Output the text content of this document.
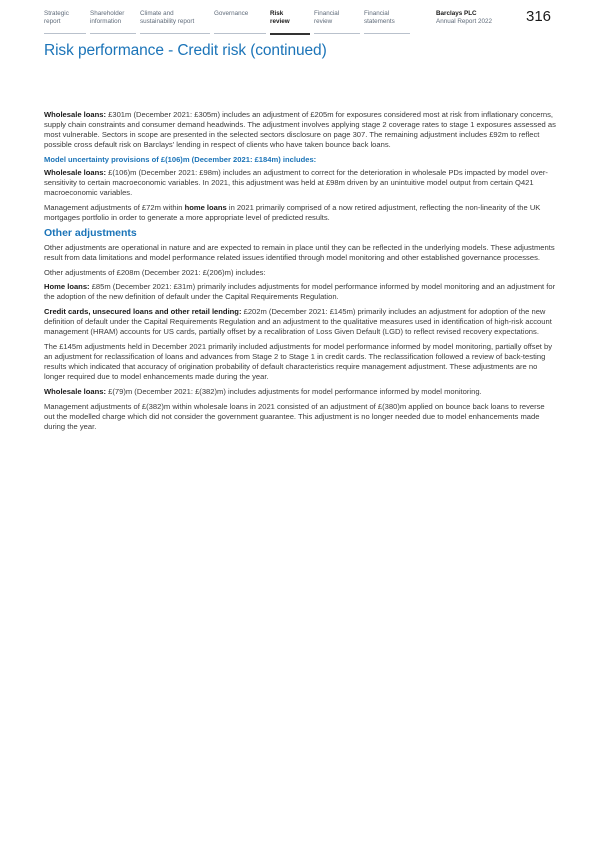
Strategic
report
Shareholder
information
Climate and
sustainability report
Governance	Risk
review
Financial
review
Financial
statements
Barclays PLC
Annual Report 2022 316
Risk performance - Credit risk (continued)

Wholesale loans: £301m (December 2021: £305m) includes an adjustment of £205m for exposures considered most at risk from inflationary concerns, supply chain constraints and consumer demand headwinds. The adjustment involves applying stage 2 coverage rates to stage 1 exposures assessed as most vulnerable. Sectors in scope are presented in the selected sectors disclosure on page 307. The remaining adjustment includes £92m to reflect possible cross default risk on Barclays' lending in respect of clients who have taken bounce back loans.

Model uncertainty provisions of £(106)m (December 2021: £184m) includes:

Wholesale loans: £(106)m (December 2021: £98m) includes an adjustment to correct for the deterioration in wholesale PDs impacted by model over-sensitivity to certain macroeconomic variables. In 2021, this adjustment was held at £98m driven by an unintuitive model output from certain Q421 macroeconomic variables.

Management adjustments of £72m within home loans in 2021 primarily comprised of a now retired adjustment, reflecting the non-linearity of the UK mortgages portfolio in order to generate a more appropriate level of predicted results.

Other adjustments

Other adjustments are operational in nature and are expected to remain in place until they can be reflected in the underlying models. These adjustments result from data limitations and model performance related issues identified through model monitoring and other established governance processes.

Other adjustments of £208m (December 2021: £(206)m) includes:

Home loans: £85m (December 2021: £31m) primarily includes adjustments for model performance informed by model monitoring and an adjustment for the adoption of the new definition of default under the Capital Requirements Regulation.

Credit cards, unsecured loans and other retail lending: £202m (December 2021: £145m) primarily includes an adjustment for adoption of the new definition of default under the Capital Requirements Regulation and an adjustment to the qualitative measures used in identification of high-risk account management (HRAM) accounts for US cards, partially offset by a recalibration of Loss Given Default (LGD) to reflect revised recovery expectations.

The £145m adjustments held in December 2021 primarily included adjustments for model performance informed by model monitoring, partially offset by an adjustment for reclassification of loans and advances from Stage 2 to Stage 1 in credit cards. The reclassification followed a review of back-testing results which indicated that accuracy of origination probability of default characteristics require management adjustment. These adjustments are no longer required due to model enhancements made during the year.

Wholesale loans: £(79)m (December 2021: £(382)m) includes adjustments for model performance informed by model monitoring.

Management adjustments of £(382)m within wholesale loans in 2021 consisted of an adjustment of £(380)m applied on bounce back loans to reverse out the modelled charge which did not consider the government guarantee. This adjustment is no longer needed due to model enhancements made during the year.
